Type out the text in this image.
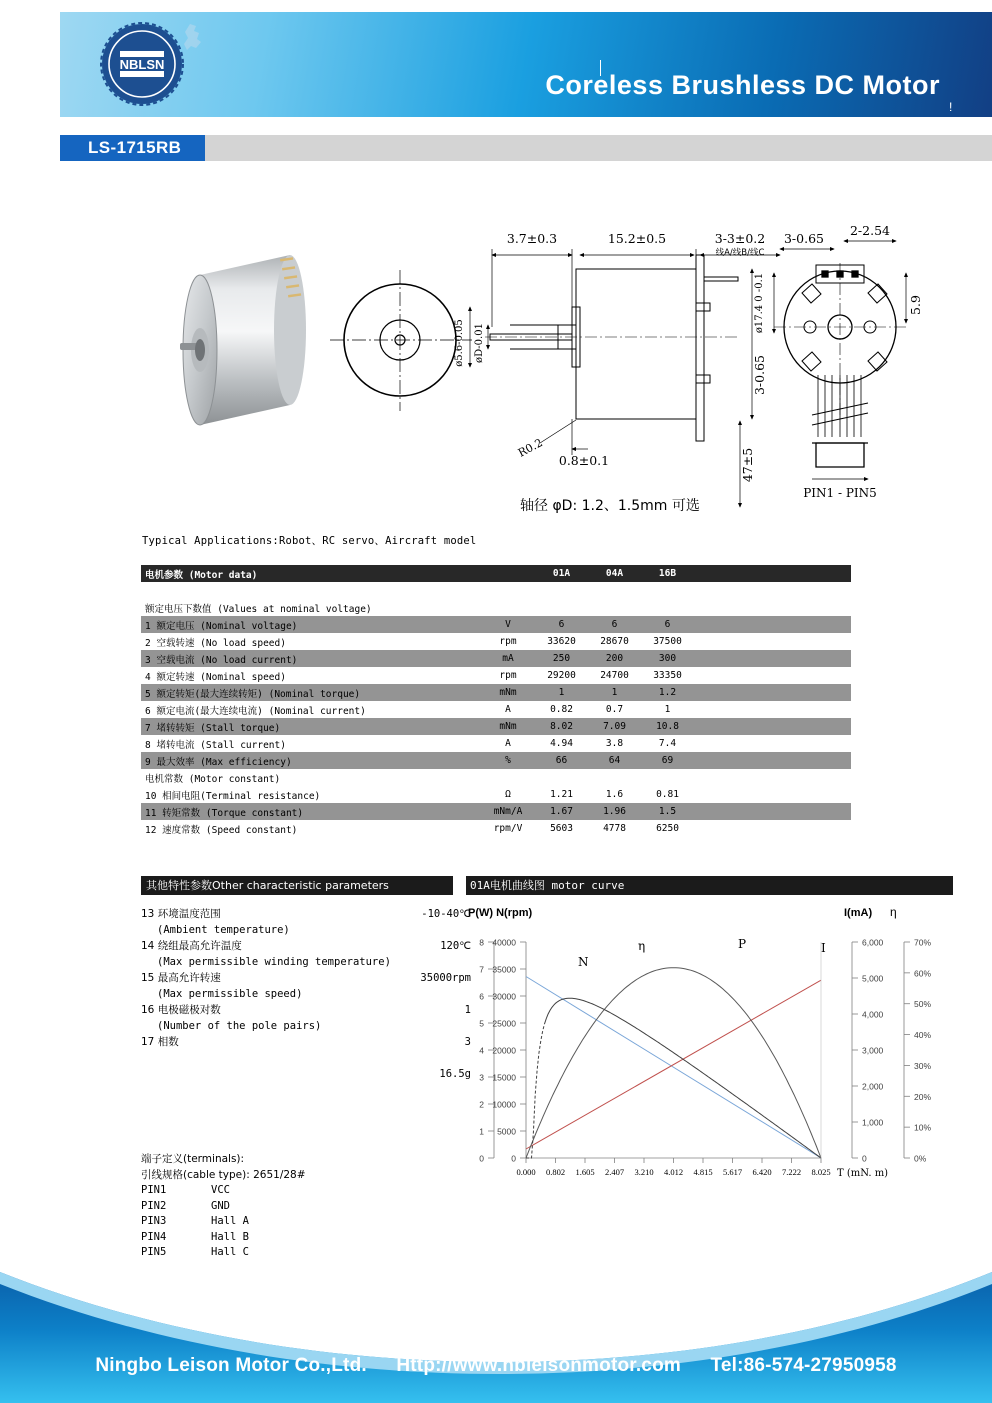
NBLSN
Coreless Brushless DC Motor
!
LS-1715RB
3.7±0.3	15.2±0.5	3-3±0.2
2-2.54
3-0.65
0.8±0.1
5.9
ø17.4 0 -0.1
47±5
ø5.6-0.05 øD-0.01
3-0.65
R0.2
PIN1 - PIN5
线A/线B/线C
轴径 φD: 1.2、1.5mm 可选
Typical Applications:Robot、RC servo、Aircraft model
电机参数 (Motor data)		01A	04A	16B			

额定电压下数值 (Values at nominal voltage)							
1 额定电压 (Nominal voltage)	V	6	6	6			
2 空载转速 (No load speed)	rpm	33620	28670	37500			
3 空载电流 (No load current)	mA	250	200	300			
4 额定转速 (Nominal speed)	rpm	29200	24700	33350			
5 额定转矩(最大连续转矩) (Nominal torque)	mNm	1	1	1.2			
6 额定电流(最大连续电流) (Nominal current)	A	0.82	0.7	1			
7 堵转转矩 (Stall torque)	mNm	8.02	7.09	10.8			
8 堵转电流 (Stall current)	A	4.94	3.8	7.4			
9 最大效率 (Max efficiency)	%	66	64	69			
电机常数 (Motor constant)							
10 相间电阻(Terminal resistance)	Ω	1.21	1.6	0.81			
11 转矩常数 (Torque constant)	mNm/A	1.67	1.96	1.5			
12 速度常数 (Speed constant)	rpm/V	5603	4778	6250			
其他特性参数Other characteristic parameters
13 环境温度范围	-10-40℃
(Ambient temperature)
14 绕组最高允许温度	120℃
(Max permissible winding temperature)
15 最高允许转速	35000rpm
(Max permissible speed)
16 电极磁极对数	1
(Number of the pole pairs)
17 相数	3
16.5g
端子定义(terminals):
引线规格(cable type): 2651/28#
PIN1	VCC
PIN2	GND
PIN3	Hall A
PIN4	Hall B
PIN5	Hall C
01A电机曲线图 motor curve
P(W) N(rpm)	I(mA) η
0
1
2
3
4
5
6
7
8
0
5000
10000
15000
20000
25000
30000
35000
40000
0
1,000
2,000
3,000
4,000
5,000
6,000
0%
10%
20%
30%
40%
50%
60%
70%
0.000 0.802 1.605 2.407 3.210 4.012 4.815 5.617 6.420 7.222 8.025 T (mN. m)
N
η	P	I
Ningbo Leison Motor Co.,Ltd. Http://www.nbleisonmotor.com Tel:86-574-27950958
